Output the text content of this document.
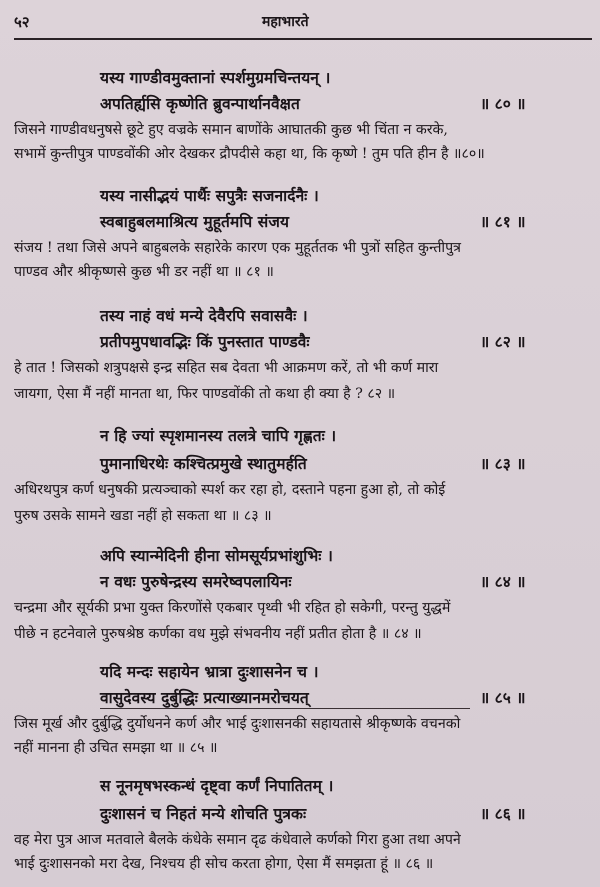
५२	महाभारते
यस्य गाण्डीवमुक्तानां स्पर्शमुग्रमचिन्तयन् ।
अपतिर्ह्यसि कृष्णेति ब्रुवन्पार्थानवैक्षत	॥ ८० ॥
जिसने गाण्डीवधनुषसे छूटे हुए वज्रके समान बाणोंके आघातकी कुछ भी चिंता न करके,
सभामें कुन्तीपुत्र पाण्डवोंकी ओर देखकर द्रौपदीसे कहा था, कि कृष्णे ! तुम पति हीन है ॥८०॥
यस्य नासीद्भयं पार्थैः सपुत्रैः सजनार्दनैः ।
स्वबाहुबलमाश्रित्य मुहूर्तमपि संजय	॥ ८१ ॥
संजय ! तथा जिसे अपने बाहुबलके सहारेके कारण एक मुहूर्ततक भी पुत्रों सहित कुन्तीपुत्र
पाण्डव और श्रीकृष्णसे कुछ भी डर नहीं था ॥ ८१ ॥
तस्य नाहं वधं मन्ये देवैरपि सवासवैः ।
प्रतीपमुपधावद्भिः किं पुनस्तात पाण्डवैः	॥ ८२ ॥
हे तात ! जिसको शत्रुपक्षसे इन्द्र सहित सब देवता भी आक्रमण करें, तो भी कर्ण मारा
जायगा, ऐसा मैं नहीं मानता था, फिर पाण्डवोंकी तो कथा ही क्या है ? ८२ ॥
न हि ज्यां स्पृशमानस्य तलत्रे चापि गृह्णतः ।
पुमानाधिरथेः कश्चित्प्रमुखे स्थातुमर्हति	॥ ८३ ॥
अधिरथपुत्र कर्ण धनुषकी प्रत्यञ्चाको स्पर्श कर रहा हो, दस्ताने पहना हुआ हो, तो कोई
पुरुष उसके सामने खडा नहीं हो सकता था ॥ ८३ ॥
अपि स्यान्मेदिनी हीना सोमसूर्यप्रभांशुभिः ।
न वधः पुरुषेन्द्रस्य समरेष्वपलायिनः	॥ ८४ ॥
चन्द्रमा और सूर्यकी प्रभा युक्त किरणोंसे एकबार पृथ्वी भी रहित हो सकेगी, परन्तु युद्धमें
पीछे न हटनेवाले पुरुषश्रेष्ठ कर्णका वध मुझे संभवनीय नहीं प्रतीत होता है ॥ ८४ ॥
यदि मन्दः सहायेन भ्रात्रा दुःशासनेन च ।
वासुदेवस्य दुर्बुद्धिः प्रत्याख्यानमरोचयत्	॥ ८५ ॥
जिस मूर्ख और दुर्बुद्धि दुर्योधनने कर्ण और भाई दुःशासनकी सहायतासे श्रीकृष्णके वचनको
नहीं मानना ही उचित समझा था ॥ ८५ ॥
स नूनमृषभस्कन्धं दृष्ट्वा कर्णं निपातितम् ।
दुःशासनं च निहतं मन्ये शोचति पुत्रकः	॥ ८६ ॥
वह मेरा पुत्र आज मतवाले बैलके कंधेके समान दृढ कंधेवाले कर्णको गिरा हुआ तथा अपने
भाई दुःशासनको मरा देख, निश्चय ही सोच करता होगा, ऐसा मैं समझता हूं ॥ ८६ ॥
